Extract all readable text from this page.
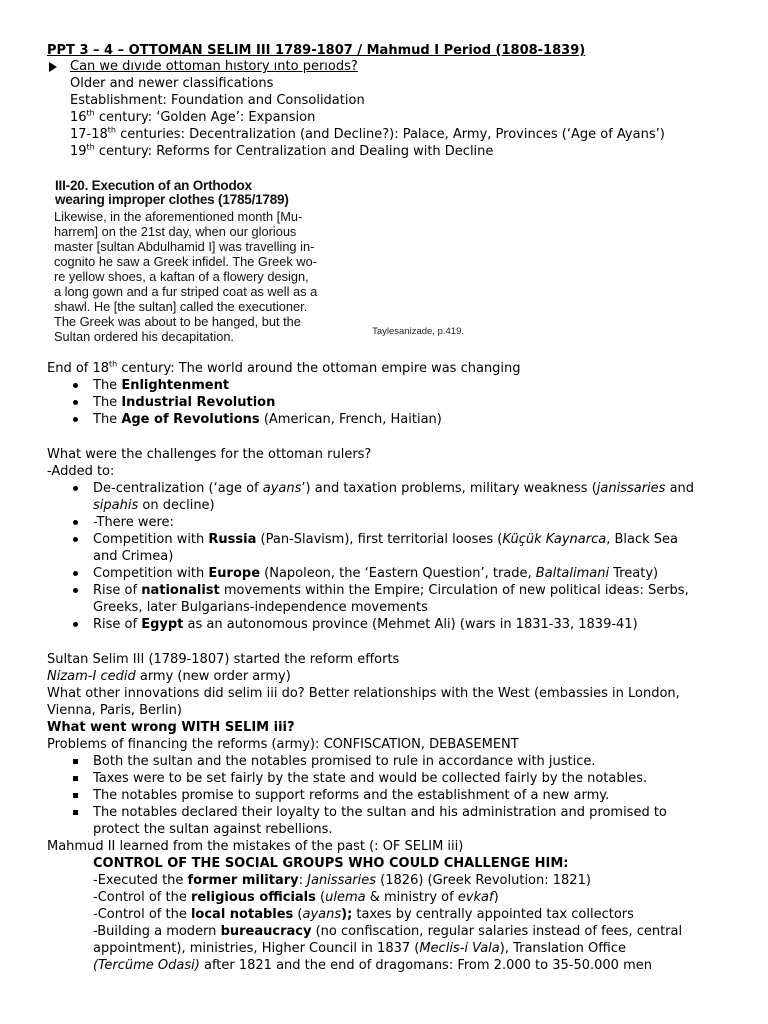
PPT 3 – 4 – OTTOMAN SELIM III 1789-1807 / Mahmud I Period (1808-1839)
Can we dıvıde ottoman hıstory ınto perıods?
Older and newer classifications
Establishment: Foundation and Consolidation
16th century: ‘Golden Age’: Expansion
17-18th centuries: Decentralization (and Decline?): Palace, Army, Provinces (‘Age of Ayans’)
19th century: Reforms for Centralization and Dealing with Decline
III-20. Execution of an Orthodox
wearing improper clothes (1785/1789)
Likewise, in the aforementioned month [Mu-
harrem] on the 21st day, when our glorious
master [sultan Abdulhamid I] was travelling in-
cognito he saw a Greek infidel. The Greek wo-
re yellow shoes, a kaftan of a flowery design,
a long gown and a fur striped coat as well as a
shawl. He [the sultan] called the executioner.
The Greek was about to be hanged, but the
Sultan ordered his decapitation.	Taylesanizade, p.419.
End of 18th century: The world around the ottoman empire was changing
The Enlightenment
The Industrial Revolution
The Age of Revolutions (American, French, Haitian)
What were the challenges for the ottoman rulers?
-Added to:
De-centralization (‘age of ayans’) and taxation problems, military weakness (janissaries and
sipahis on decline)
-There were:
Competition with Russia (Pan-Slavism), first territorial looses (Küçük Kaynarca, Black Sea
and Crimea)
Competition with Europe (Napoleon, the ‘Eastern Question’, trade, Baltalimani Treaty)
Rise of nationalist movements within the Empire; Circulation of new political ideas: Serbs,
Greeks, later Bulgarians-independence movements
Rise of Egypt as an autonomous province (Mehmet Ali) (wars in 1831-33, 1839-41)
Sultan Selim III (1789-1807) started the reform efforts
Nizam-I cedid army (new order army)
What other innovations did selim iii do? Better relationships with the West (embassies in London,
Vienna, Paris, Berlin)
What went wrong WITH SELIM iii?
Problems of financing the reforms (army): CONFISCATION, DEBASEMENT
Both the sultan and the notables promised to rule in accordance with justice.
Taxes were to be set fairly by the state and would be collected fairly by the notables.
The notables promise to support reforms and the establishment of a new army.
The notables declared their loyalty to the sultan and his administration and promised to
protect the sultan against rebellions.
Mahmud II learned from the mistakes of the past (: OF SELIM iii)
CONTROL OF THE SOCIAL GROUPS WHO COULD CHALLENGE HIM:
-Executed the former military: Janissaries (1826) (Greek Revolution: 1821)
-Control of the religious officials (ulema & ministry of evkaf)
-Control of the local notables (ayans); taxes by centrally appointed tax collectors
-Building a modern bureaucracy (no confiscation, regular salaries instead of fees, central
appointment), ministries, Higher Council in 1837 (Meclis-i Vala), Translation Office
(Tercüme Odasi) after 1821 and the end of dragomans: From 2.000 to 35-50.000 men
